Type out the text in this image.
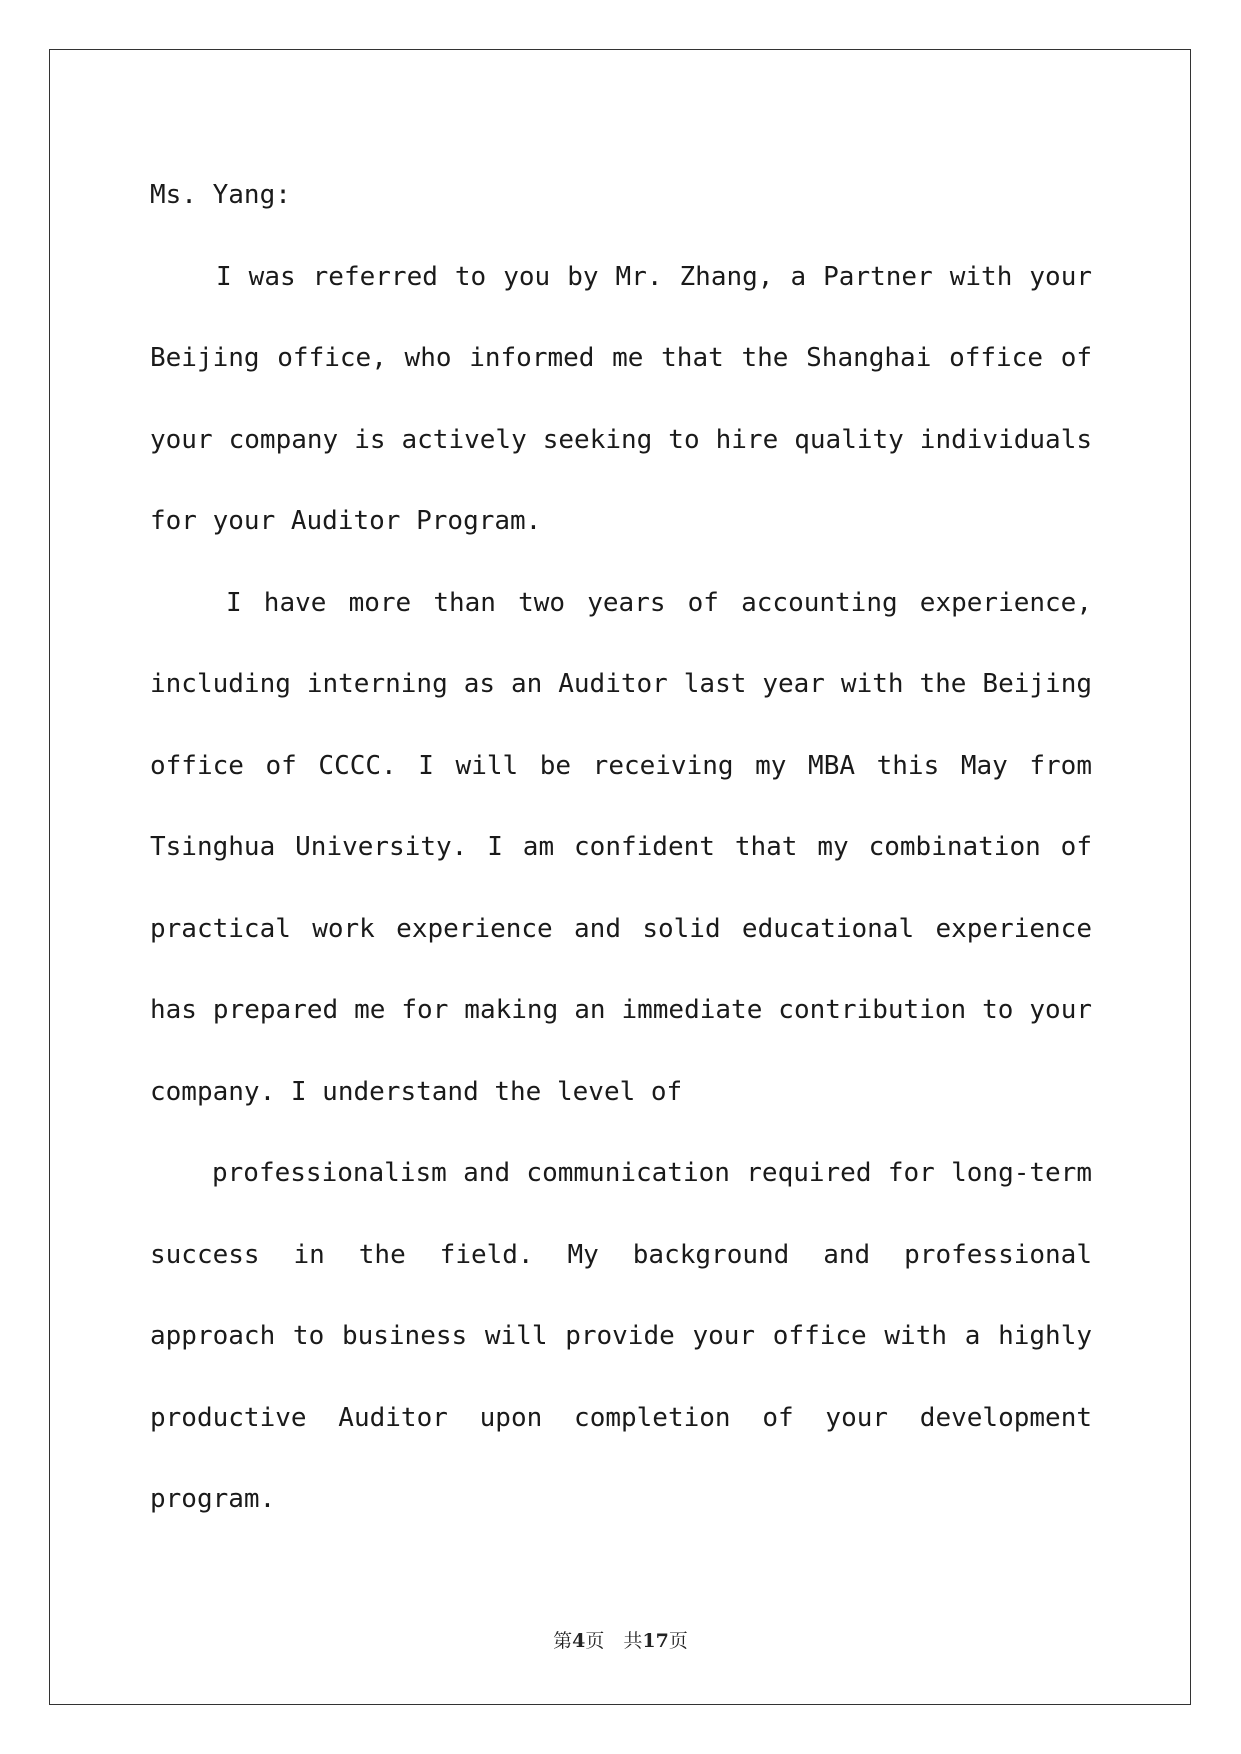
Ms. Yang:

I was referred to you by Mr. Zhang, a Partner with your Beijing office, who informed me that the Shanghai office of your company is actively seeking to hire quality individuals for your Auditor Program.

I have more than two years of accounting experience, including interning as an Auditor last year with the Beijing office of CCCC. I will be receiving my MBA this May from Tsinghua University. I am confident that my combination of practical work experience and solid educational experience has prepared me for making an immediate contribution to your company. I understand the level of

professionalism and communication required for long-term success in the field. My background and professional approach to business will provide your office with a highly productive Auditor upon completion of your development program.

第4页　共17页
